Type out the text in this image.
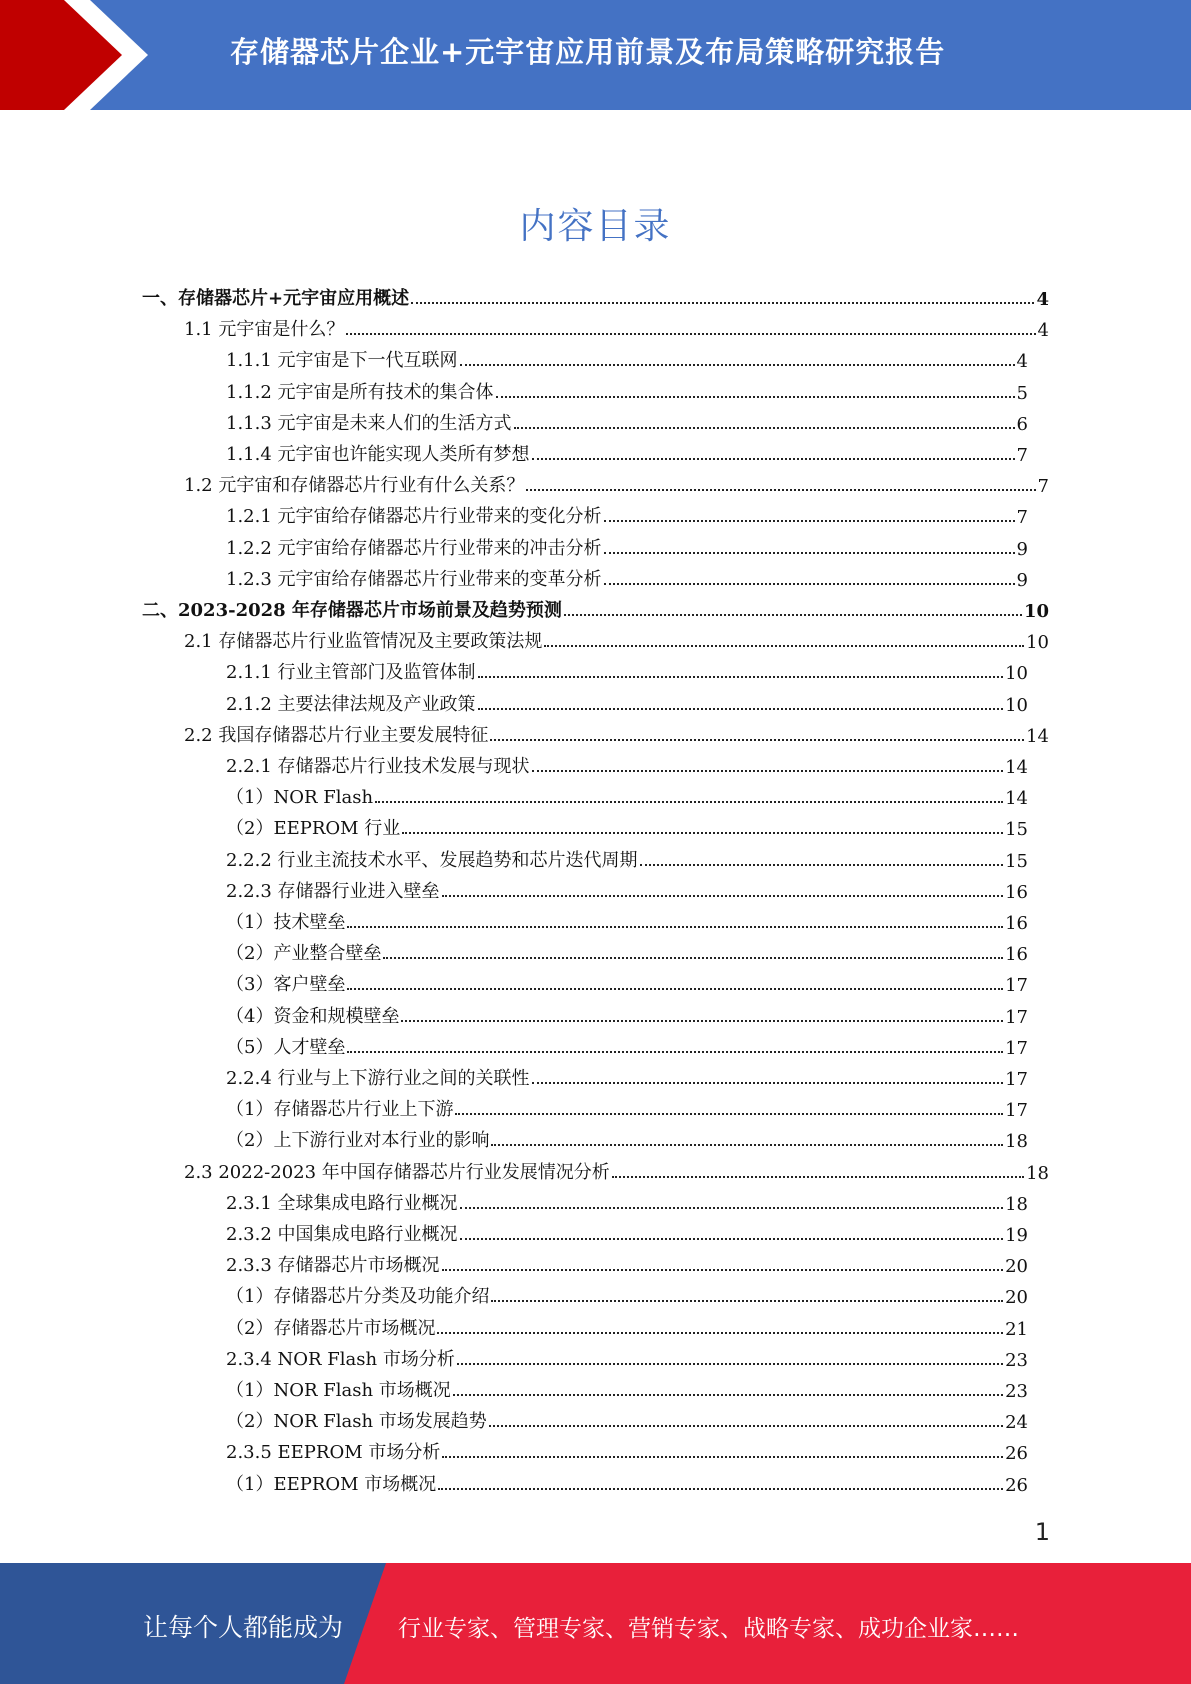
存储器芯片企业+元宇宙应用前景及布局策略研究报告
内容目录
一、存储器芯片+元宇宙应用概述	4
1.1 元宇宙是什么？	4
1.1.1 元宇宙是下一代互联网	4
1.1.2 元宇宙是所有技术的集合体	5
1.1.3 元宇宙是未来人们的生活方式	6
1.1.4 元宇宙也许能实现人类所有梦想	7
1.2 元宇宙和存储器芯片行业有什么关系？	7
1.2.1 元宇宙给存储器芯片行业带来的变化分析	7
1.2.2 元宇宙给存储器芯片行业带来的冲击分析	9
1.2.3 元宇宙给存储器芯片行业带来的变革分析	9
二、2023-2028 年存储器芯片市场前景及趋势预测	10
2.1 存储器芯片行业监管情况及主要政策法规	10
2.1.1 行业主管部门及监管体制	10
2.1.2 主要法律法规及产业政策	10
2.2 我国存储器芯片行业主要发展特征	14
2.2.1 存储器芯片行业技术发展与现状	14
（1）NOR Flash	14
（2）EEPROM 行业	15
2.2.2 行业主流技术水平、发展趋势和芯片迭代周期	15
2.2.3 存储器行业进入壁垒	16
（1）技术壁垒	16
（2）产业整合壁垒	16
（3）客户壁垒	17
（4）资金和规模壁垒	17
（5）人才壁垒	17
2.2.4 行业与上下游行业之间的关联性	17
（1）存储器芯片行业上下游	17
（2）上下游行业对本行业的影响	18
2.3 2022-2023 年中国存储器芯片行业发展情况分析	18
2.3.1 全球集成电路行业概况	18
2.3.2 中国集成电路行业概况	19
2.3.3 存储器芯片市场概况	20
（1）存储器芯片分类及功能介绍	20
（2）存储器芯片市场概况	21
2.3.4 NOR Flash 市场分析	23
（1）NOR Flash 市场概况	23
（2）NOR Flash 市场发展趋势	24
2.3.5 EEPROM 市场分析	26
（1）EEPROM 市场概况	26
1
让每个人都能成为 行业专家、管理专家、营销专家、战略专家、成功企业家……
